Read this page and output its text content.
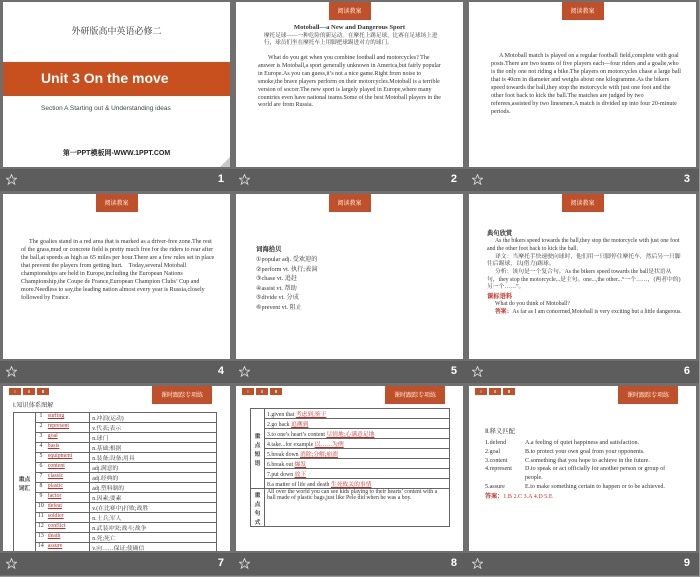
外研版高中英语必修二
Unit 3 On the move
Section A Starting out & Understanding ideas
第一PPT模板网-WWW.1PPT.COM
1
阅读教案
Motoball—a New and Dangerous Sport
摩托足球——一种危险的新运动。在摩托上踢足球，比赛在足球场上进行，球员们坐在摩托车上用脚把球踢进对方的球门。
What do you get when you combine football and motorcycles? The answer is Motoball,a sport generally unknown in America,but fairly popular in Europe.As you can guess,it’s not a nice game.Right from noise to smoke,the brave players perform on their motorcycles.Motoball is a terrible version of soccer.The new sport is largely played in Europe,where many countries even have national teams.Some of the best Motoball players in the world are from Russia.
2
阅读教案
A Motoball match is played on a regular football field,complete with goal posts.There are two teams of five players each—four riders and a goalie,who is the only one not riding a bike.The players on motorcycles chase a large ball that is 40cm in diameter and weighs about one kilogramme.As the bikers speed towards the ball,they stop the motorcycle with just one foot and the other foot back to kick the ball.The matches are judged by two referees,assisted by two linesmen.A match is divided up into four 20-minute periods.
3
阅读教案
The goalies stand in a red area that is marked as a driver-free zone.The rest of the grass,mud or concrete field is pretty much free for the riders to rear after the ball,at speeds as high as 65 miles per hour.There are a few rules set in place that prevent the players from getting hurt.    Today,several Motoball championships are held in Europe,including the European Nations Championship,the Coupe de France,European Champion Clubs’ Cup and more.Needless to say,the leading nation almost every year is Russia,closely followed by France.
4
阅读教案
词海拾贝
①popular adj. 受欢迎的
②perform vt. 执行;表演
③chase vt. 追赶
④assist vt. 帮助
⑤divide vt. 分成
⑥prevent vt. 阻止
5
阅读教案
典句欣赏
As the bikers speed towards the ball,they stop the motorcycle with just one foot and the other foot back to kick the ball.
译文：当摩托手快速驶向球时，他们用一只脚停住摩托车，然后另一只脚往后踢球，以(借力)踢球。
分析：该句是一个复合句。As the bikers speed towards the ball是状语从句，they stop the motorcycle...是主句。one...,the other...“一个……，(两者中的)另一个……”。
课标语料
What do you think of Motoball?
答案：As far as I am concerned,Motoball is very exciting but a little dangerous.
6
Ⅰ	Ⅱ	Ⅲ
课时跟踪专项练
Ⅰ.知识体系图解
重点词汇	1	surfing	n.冲浪(运动)
	2	represent	v.代表;表示
	3	goal	n.球门
	4	basis	n.基础;根据
	5	equipment	n.装备;设备;用具
	6	content	adj.满意的
	7	classic	adj.经典的
	8	plastic	adj.塑料制的
	9	factor	n.因素;要素
	10	defeat	v.(在比赛中)打败;战胜
	11	soldier	n.士兵;军人
	12	conflict	n.武装冲突;战斗;战争
	13	death	n.死;死亡
	14	assure	v.向……保证;使确信
7
Ⅰ	Ⅱ	Ⅲ
课时跟踪专项练
重点短语	1.given that 考虑到;鉴于
	2.go back 追溯到
	3.to one’s heart’s content 尽情地;心满意足地
	4.take...for example 以……为例
	5.break down 消除;分解;崩溃
	6.break out 爆发
	7.put down 放下
	8.a matter of life and death 生死攸关的事情
重点句式	All over the world you can see kids playing to their hearts’ content with a ball made of plastic bags,just like Pele did when he was a boy.
8
Ⅰ	Ⅱ	Ⅲ
课时跟踪专项练
Ⅱ.释义匹配
1.defend	A.a feeling of quiet happiness and satisfaction.
2.goal	B.to protect your own goal from your opponents.
3.content	C.something that you hope to achieve in the future.
4.represent	D.to speak or act officially for another person or group of people.
5.assure	E.to make something certain to happen or to be achieved.
答案：1.B 2.C 3.A 4.D 5.E
9
